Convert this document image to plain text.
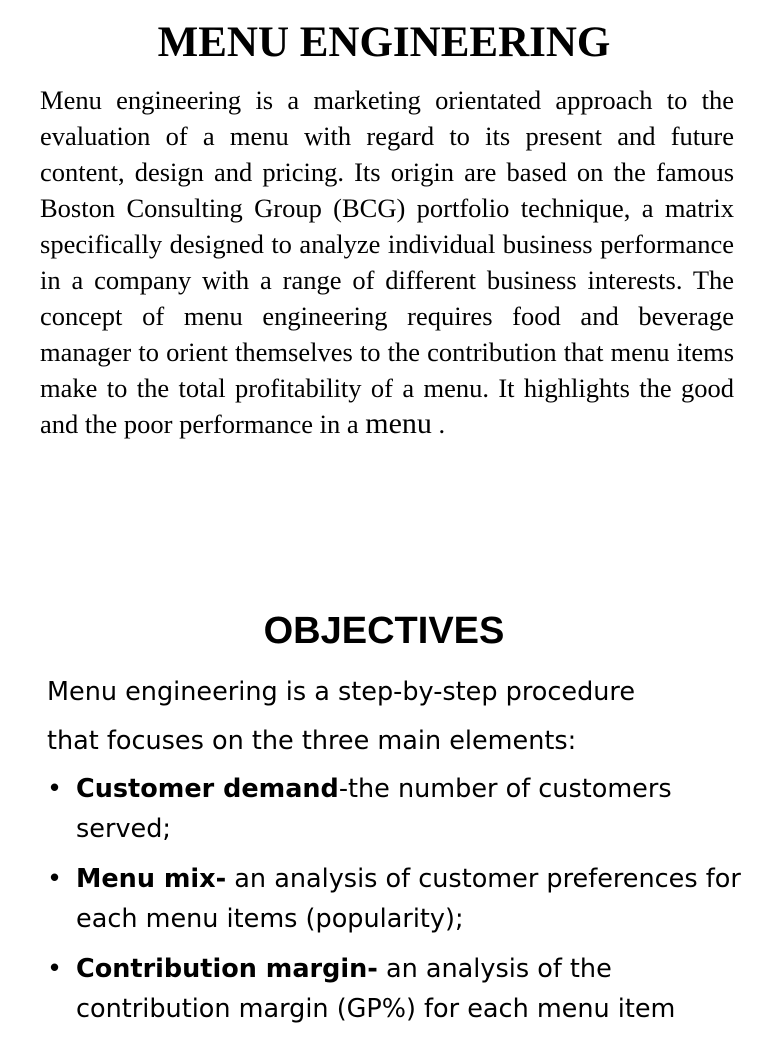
MENU ENGINEERING

Menu engineering is a marketing orientated approach to the evaluation of a menu with regard to its present and future content, design and pricing. Its origin are based on the famous Boston Consulting Group (BCG) portfolio technique, a matrix specifically designed to analyze individual business performance in a company with a range of different business interests. The concept of menu engineering requires food and beverage manager to orient themselves to the contribution that menu items make to the total profitability of a menu. It highlights the good and the poor performance in a menu .

OBJECTIVES

Menu engineering is a step-by-step procedure
that focuses on the three main elements:

• Customer demand-the number of customers served;
• Menu mix- an analysis of customer preferences for each menu items (popularity);
• Contribution margin- an analysis of the contribution margin (GP%) for each menu item
